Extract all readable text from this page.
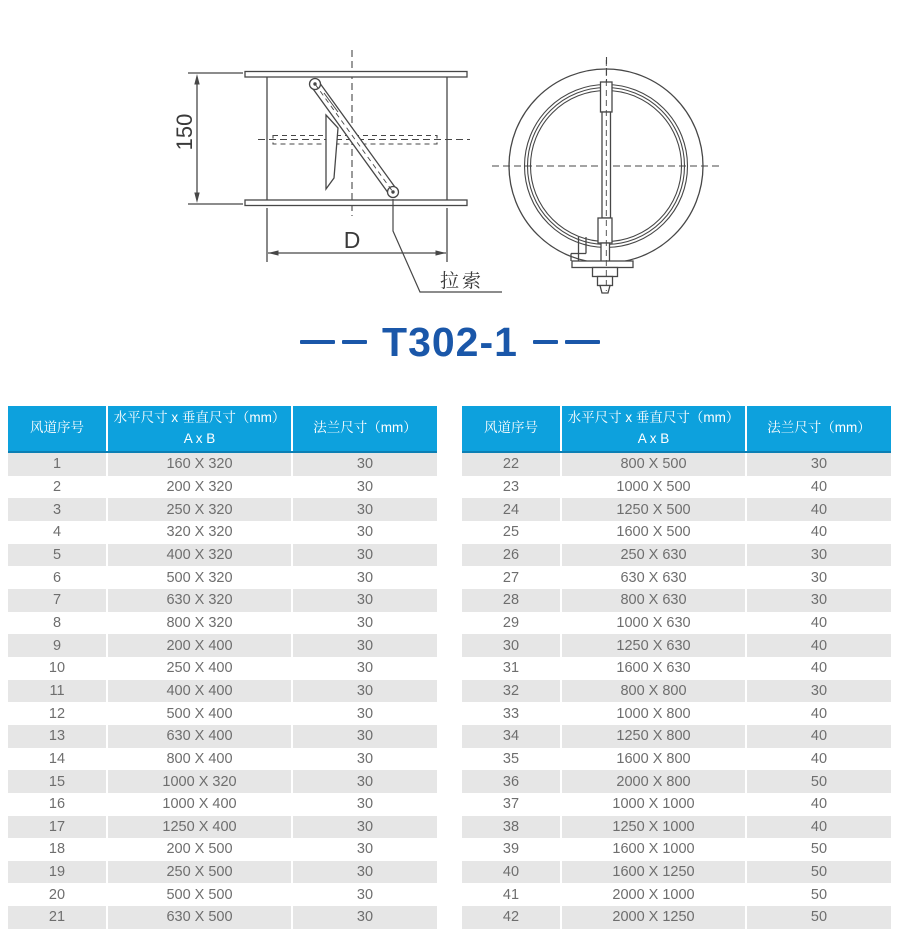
150
D
拉索
T302-1
风道序号
水平尺寸 x 垂直尺寸（mm）
A x B
法兰尺寸（mm）
1	160 X 320	30
2	200 X 320	30
3	250 X 320	30
4	320 X 320	30
5	400 X 320	30
6	500 X 320	30
7	630 X 320	30
8	800 X 320	30
9	200 X 400	30
10	250 X 400	30
11	400 X 400	30
12	500 X 400	30
13	630 X 400	30
14	800 X 400	30
15	1000 X 320	30
16	1000 X 400	30
17	1250 X 400	30
18	200 X 500	30
19	250 X 500	30
20	500 X 500	30
21	630 X 500	30
风道序号
水平尺寸 x 垂直尺寸（mm）
A x B
法兰尺寸（mm）
22	800 X 500	30
23	1000 X 500	40
24	1250 X 500	40
25	1600 X 500	40
26	250 X 630	30
27	630 X 630	30
28	800 X 630	30
29	1000 X 630	40
30	1250 X 630	40
31	1600 X 630	40
32	800 X 800	30
33	1000 X 800	40
34	1250 X 800	40
35	1600 X 800	40
36	2000 X 800	50
37	1000 X 1000	40
38	1250 X 1000	40
39	1600 X 1000	50
40	1600 X 1250	50
41	2000 X 1000	50
42	2000 X 1250	50
